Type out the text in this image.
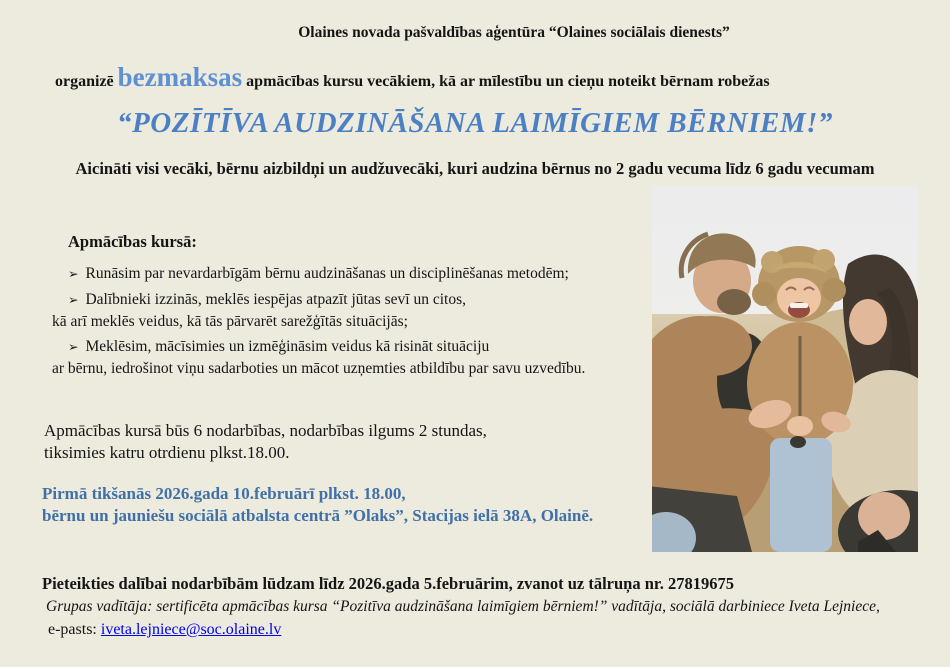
Olaines novada pašvaldības aģentūra “Olaines sociālais dienests”
organizē bezmaksas apmācības kursu vecākiem, kā ar mīlestību un cieņu noteikt bērnam robežas
“POZĪTĪVA AUDZINĀŠANA LAIMĪGIEM BĒRNIEM!”
Aicināti visi vecāki, bērnu aizbildņi un audžuvecāki, kuri audzina bērnus no 2 gadu vecuma līdz 6 gadu vecumam
Apmācības kursā:
➢ Runāsim par nevardarbīgām bērnu audzināšanas un disciplinēšanas metodēm;
➢ Dalībnieki izzinās, meklēs iespējas atpazīt jūtas sevī un citos,
kā arī meklēs veidus, kā tās pārvarēt sarežģītās situācijās;
➢ Meklēsim, mācīsimies un izmēģināsim veidus kā risināt situāciju
ar bērnu, iedrošinot viņu sadarboties un mācot uzņemties atbildību par savu uzvedību.
Apmācības kursā būs 6 nodarbības, nodarbības ilgums 2 stundas,
tiksimies katru otrdienu plkst.18.00.
Pirmā tikšanās 2026.gada 10.februārī plkst. 18.00,
bērnu un jauniešu sociālā atbalsta centrā ”Olaks”, Stacijas ielā 38A, Olainē.
Pieteikties dalībai nodarbībām lūdzam līdz 2026.gada 5.februārim, zvanot uz tālruņa nr. 27819675
Grupas vadītāja: sertificēta apmācības kursa “Pozitīva audzināšana laimīgiem bērniem!” vadītāja, sociālā darbiniece Iveta Lejniece,
e-pasts: iveta.lejniece@soc.olaine.lv
